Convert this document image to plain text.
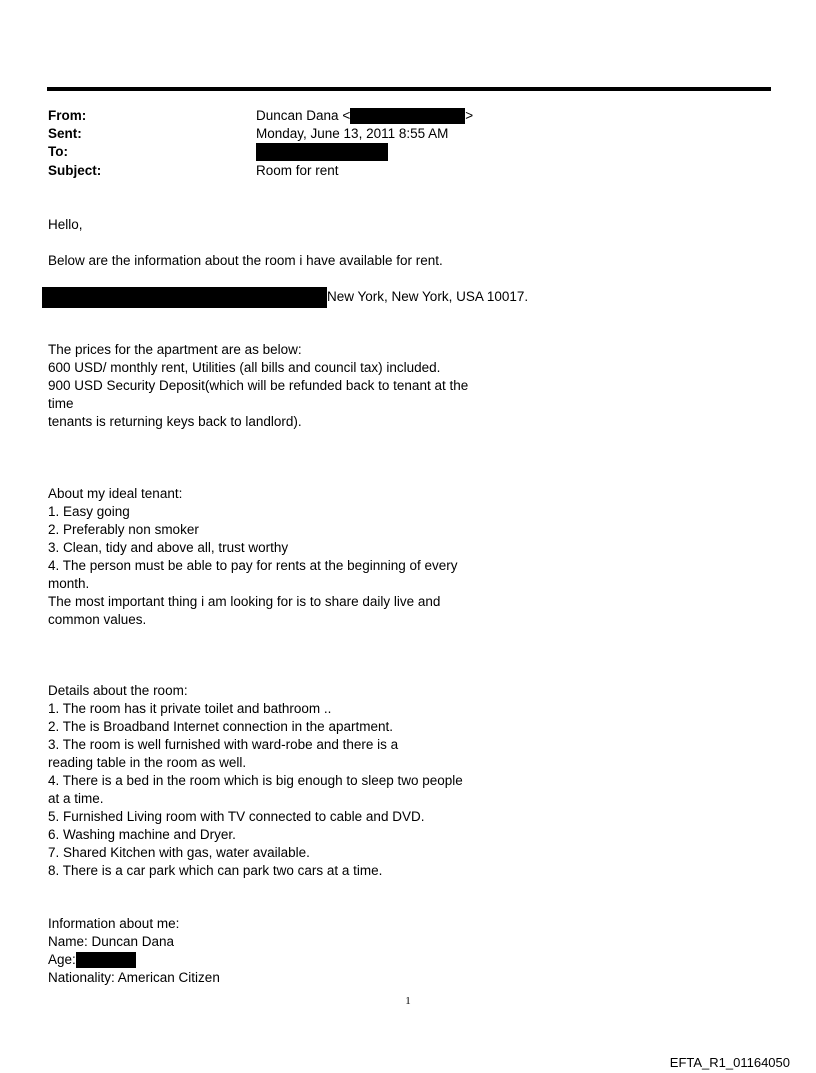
From:	Duncan Dana <	>
Sent:	Monday, June 13, 2011 8:55 AM
To:
Subject:	Room for rent
Hello,
Below are the information about the room i have available for rent.
New York, New York, USA 10017.
The prices for the apartment are as below:
600 USD/ monthly rent, Utilities (all bills and council tax) included.
900 USD Security Deposit(which will be refunded back to tenant at the
time
tenants is returning keys back to landlord).
About my ideal tenant:
1. Easy going
2. Preferably non smoker
3. Clean, tidy and above all, trust worthy
4. The person must be able to pay for rents at the beginning of every
month.
The most important thing i am looking for is to share daily live and
common values.
Details about the room:
1. The room has it private toilet and bathroom ..
2. The is Broadband Internet connection in the apartment.
3. The room is well furnished with ward-robe and there is a
reading table in the room as well.
4. There is a bed in the room which is big enough to sleep two people
at a time.
5. Furnished Living room with TV connected to cable and DVD.
6. Washing machine and Dryer.
7. Shared Kitchen with gas, water available.
8. There is a car park which can park two cars at a time.
Information about me:
Name: Duncan Dana
Age:
Nationality: American Citizen
1
EFTA_R1_01164050
